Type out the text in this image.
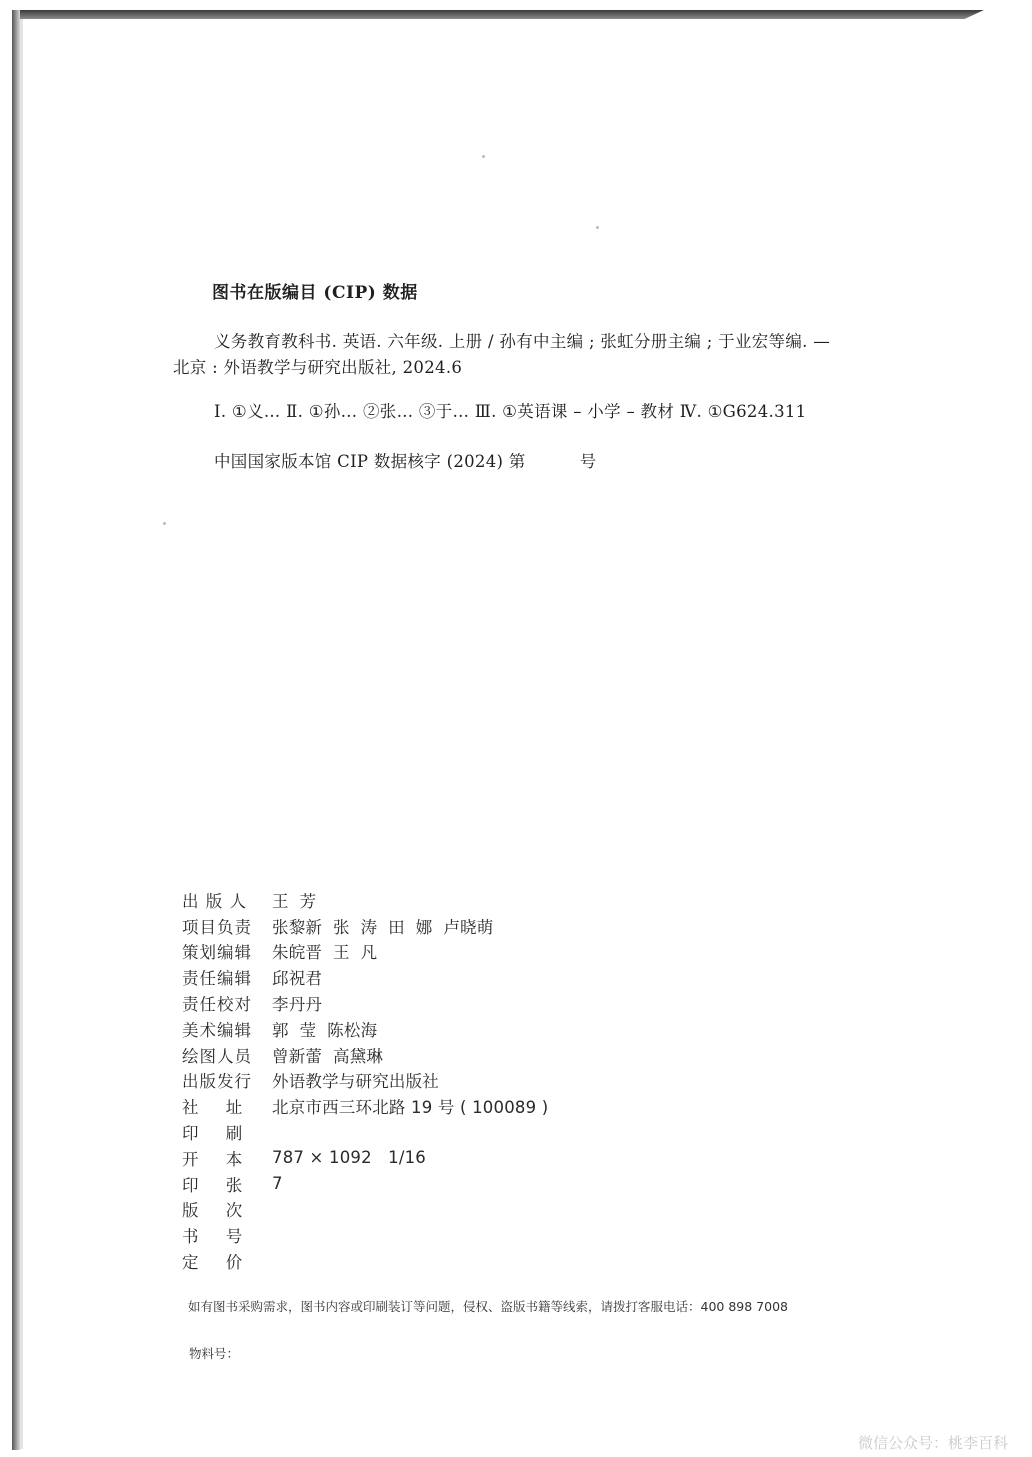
图书在版编目 (CIP) 数据
义务教育教科书. 英语. 六年级. 上册 / 孙有中主编 ; 张虹分册主编 ; 于业宏等编. —
北京 : 外语教学与研究出版社, 2024.6
Ⅰ. ①义… Ⅱ. ①孙… ②张… ③于… Ⅲ. ①英语课 – 小学 – 教材 Ⅳ. ①G624.311
中国国家版本馆 CIP 数据核字 (2024) 第	号
出 版 人	王  芳
项目负责	张黎新  张  涛  田  娜  卢晓萌
策划编辑	朱皖晋  王  凡
责任编辑	邱祝君
责任校对	李丹丹
美术编辑	郭  莹  陈松海
绘图人员	曾新蕾  高黛琳
出版发行	外语教学与研究出版社
社 址	北京市西三环北路 19 号 ( 100089 )
印 刷
开 本	787 × 1092   1/16
印 张	7
版 次
书 号
定 价
如有图书采购需求，图书内容或印刷装订等问题，侵权、盗版书籍等线索，请拨打客服电话：400 898 7008
物料号：
微信公众号：桃李百科
